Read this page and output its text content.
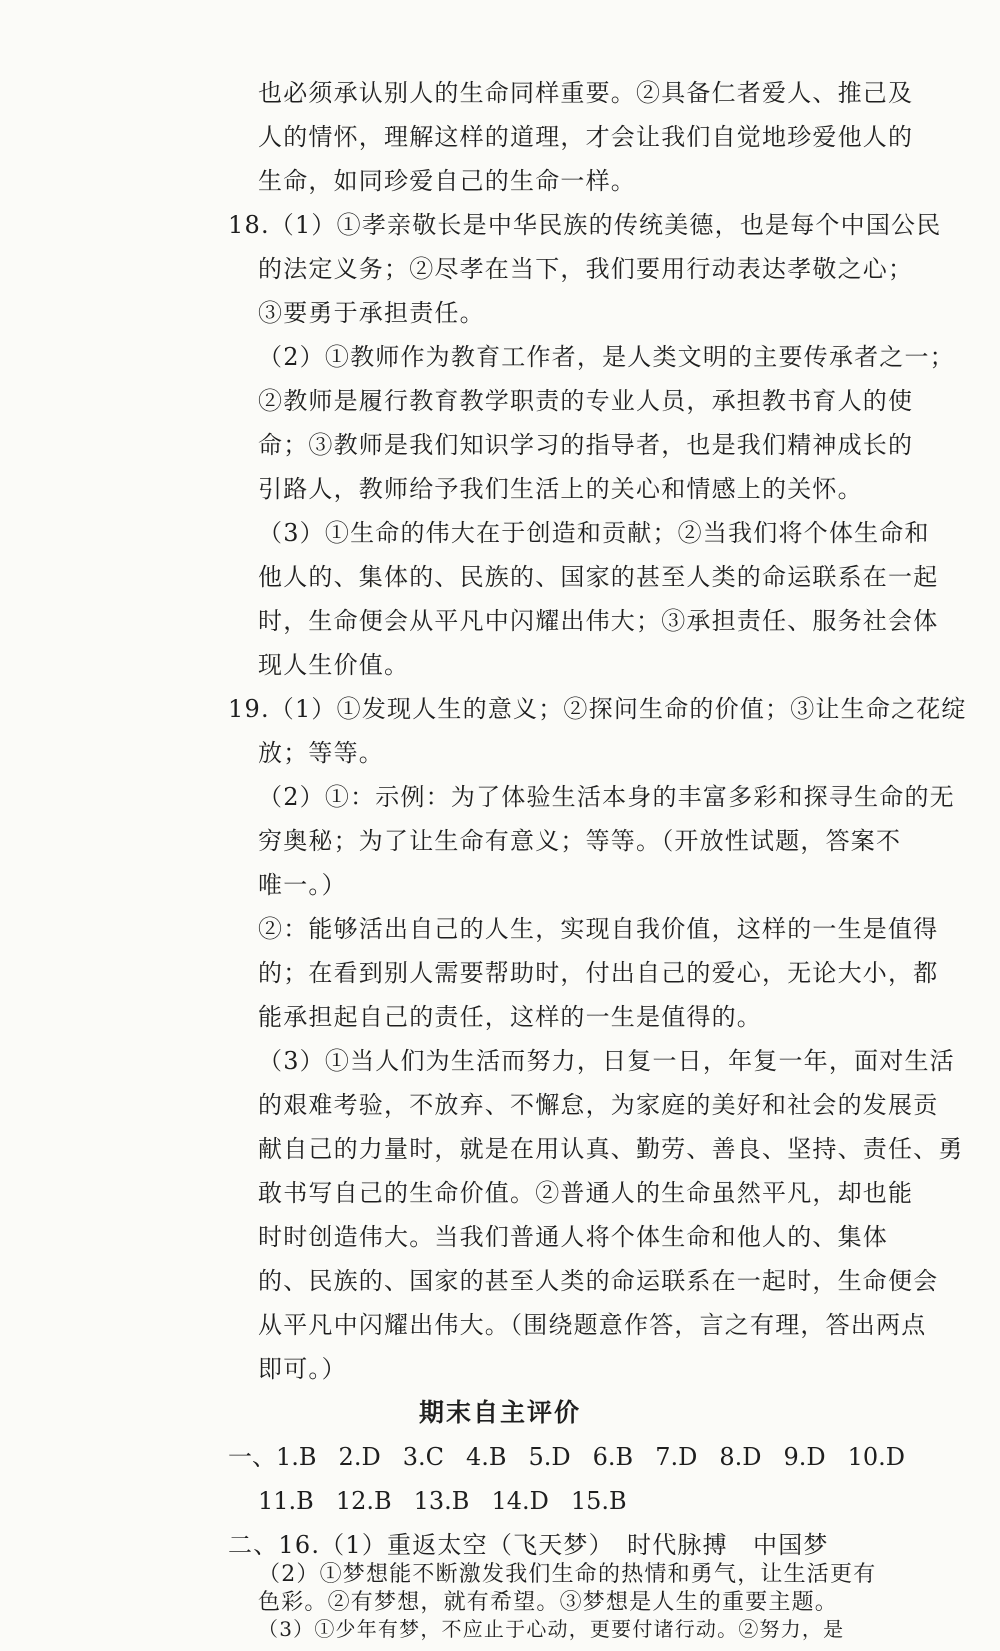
也必须承认别人的生命同样重要。②具备仁者爱人、推己及
人的情怀，理解这样的道理，才会让我们自觉地珍爱他人的
生命，如同珍爱自己的生命一样。
18.（1）①孝亲敬长是中华民族的传统美德，也是每个中国公民
的法定义务；②尽孝在当下，我们要用行动表达孝敬之心；
③要勇于承担责任。
（2）①教师作为教育工作者，是人类文明的主要传承者之一；
②教师是履行教育教学职责的专业人员，承担教书育人的使
命；③教师是我们知识学习的指导者，也是我们精神成长的
引路人，教师给予我们生活上的关心和情感上的关怀。
（3）①生命的伟大在于创造和贡献；②当我们将个体生命和
他人的、集体的、民族的、国家的甚至人类的命运联系在一起
时，生命便会从平凡中闪耀出伟大；③承担责任、服务社会体
现人生价值。
19.（1）①发现人生的意义；②探问生命的价值；③让生命之花绽
放；等等。
（2）①：示例：为了体验生活本身的丰富多彩和探寻生命的无
穷奥秘；为了让生命有意义；等等。（开放性试题，答案不
唯一。）
②：能够活出自己的人生，实现自我价值，这样的一生是值得
的；在看到别人需要帮助时，付出自己的爱心，无论大小，都
能承担起自己的责任，这样的一生是值得的。
（3）①当人们为生活而努力，日复一日，年复一年，面对生活
的艰难考验，不放弃、不懈怠，为家庭的美好和社会的发展贡
献自己的力量时，就是在用认真、勤劳、善良、坚持、责任、勇
敢书写自己的生命价值。②普通人的生命虽然平凡，却也能
时时创造伟大。当我们普通人将个体生命和他人的、集体
的、民族的、国家的甚至人类的命运联系在一起时，生命便会
从平凡中闪耀出伟大。（围绕题意作答，言之有理，答出两点
即可。）
期末自主评价
一、1.B 2.D 3.C 4.B 5.D 6.B 7.D 8.D 9.D 10.D
11.B 12.B 13.B 14.D 15.B
二、16.（1）重返太空（飞天梦）　时代脉搏　中国梦
（2）①梦想能不断激发我们生命的热情和勇气，让生活更有
色彩。②有梦想，就有希望。③梦想是人生的重要主题。
（3）①少年有梦，不应止于心动，更要付诸行动。②努力，是
